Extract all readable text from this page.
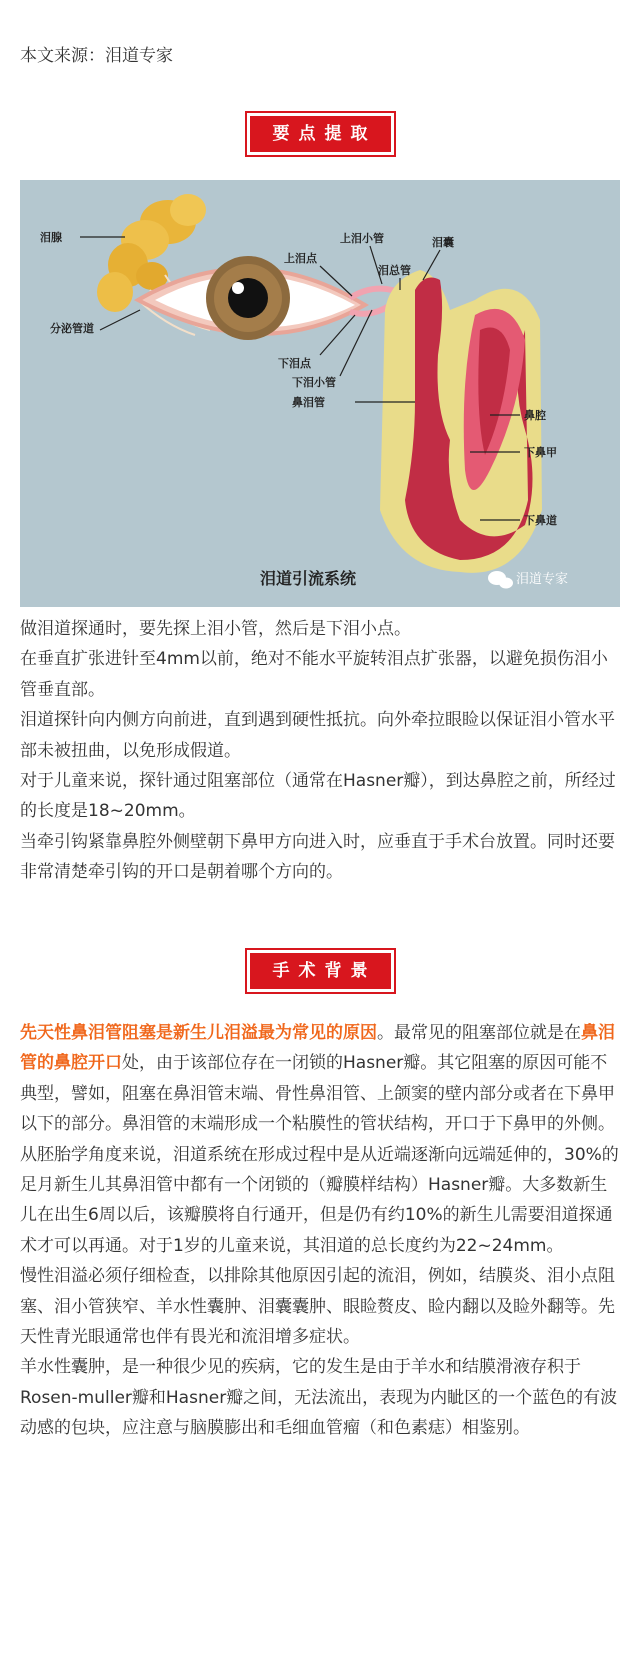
本文来源：泪道专家
要点提取
泪腺
分泌管道
上泪点
上泪小管
泪总管
泪囊
下泪点
下泪小管
鼻泪管
鼻腔
下鼻甲
下鼻道
泪道引流系统	泪道专家

做泪道探通时，要先探上泪小管，然后是下泪小点。

在垂直扩张进针至4mm以前，绝对不能水平旋转泪点扩张器，以避免损伤泪小管垂直部。

泪道探针向内侧方向前进，直到遇到硬性抵抗。向外牵拉眼睑以保证泪小管水平部未被扭曲，以免形成假道。

对于儿童来说，探针通过阻塞部位（通常在Hasner瓣），到达鼻腔之前，所经过的长度是18~20mm。

当牵引钩紧靠鼻腔外侧壁朝下鼻甲方向进入时，应垂直于手术台放置。同时还要非常清楚牵引钩的开口是朝着哪个方向的。

手术背景

先天性鼻泪管阻塞是新生儿泪溢最为常见的原因。最常见的阻塞部位就是在鼻泪管的鼻腔开口处，由于该部位存在一闭锁的Hasner瓣。其它阻塞的原因可能不典型，譬如，阻塞在鼻泪管末端、骨性鼻泪管、上颌窦的壁内部分或者在下鼻甲以下的部分。鼻泪管的末端形成一个粘膜性的管状结构，开口于下鼻甲的外侧。

从胚胎学角度来说，泪道系统在形成过程中是从近端逐渐向远端延伸的，30%的足月新生儿其鼻泪管中都有一个闭锁的（瓣膜样结构）Hasner瓣。大多数新生儿在出生6周以后，该瓣膜将自行通开，但是仍有约10%的新生儿需要泪道探通术才可以再通。对于1岁的儿童来说，其泪道的总长度约为22~24mm。

慢性泪溢必须仔细检查，以排除其他原因引起的流泪，例如，结膜炎、泪小点阻塞、泪小管狭窄、羊水性囊肿、泪囊囊肿、眼睑赘皮、睑内翻以及睑外翻等。先天性青光眼通常也伴有畏光和流泪增多症状。

羊水性囊肿，是一种很少见的疾病，它的发生是由于羊水和结膜滑液存积于Rosen-muller瓣和Hasner瓣之间，无法流出，表现为内眦区的一个蓝色的有波动感的包块，应注意与脑膜膨出和毛细血管瘤（和色素痣）相鉴别。
